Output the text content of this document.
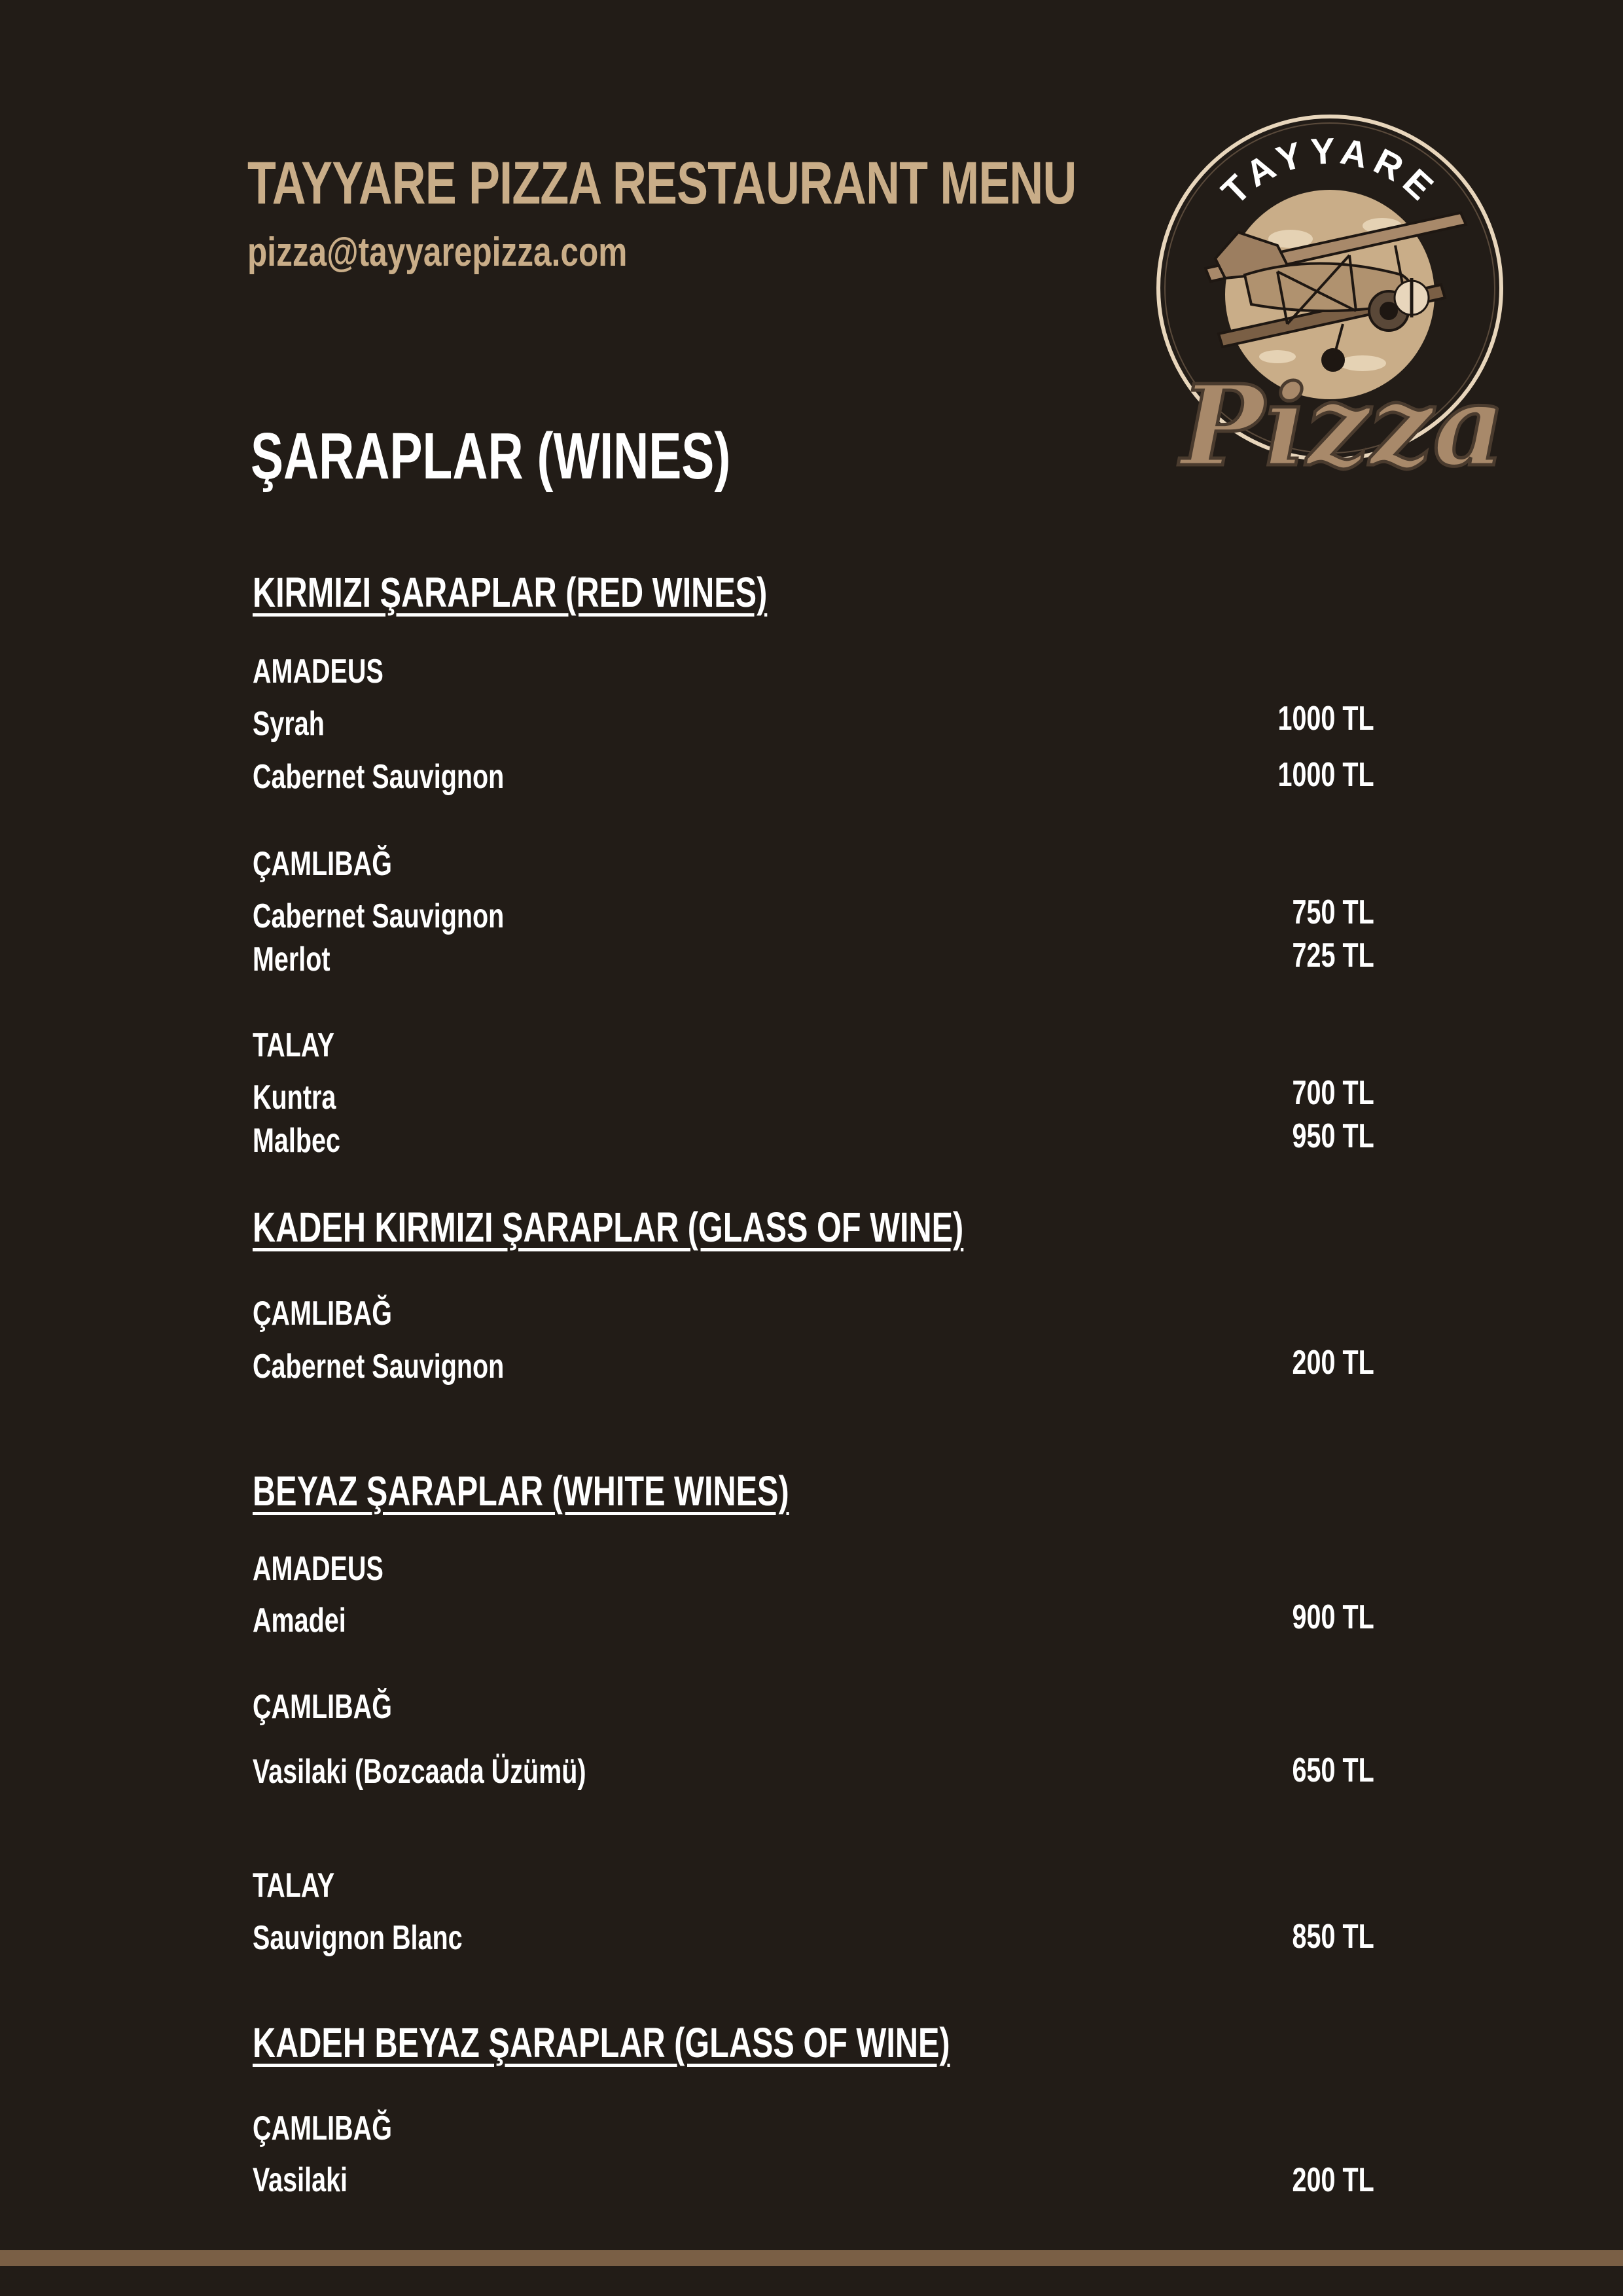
TAYYARE PIZZA RESTAURANT MENU
pizza@tayyarepizza.com
TAYYARE
Pizza
ŞARAPLAR (WINES)
KIRMIZI ŞARAPLAR (RED WINES)
AMADEUS
Syrah	1000 TL
Cabernet Sauvignon	1000 TL
ÇAMLIBAĞ
Cabernet Sauvignon	750 TL
Merlot	725 TL
TALAY
Kuntra	700 TL
Malbec	950 TL
KADEH KIRMIZI ŞARAPLAR (GLASS OF WINE)
ÇAMLIBAĞ
Cabernet Sauvignon	200 TL
BEYAZ ŞARAPLAR (WHITE WINES)
AMADEUS
Amadei	900 TL
ÇAMLIBAĞ
Vasilaki (Bozcaada Üzümü)	650 TL
TALAY
Sauvignon Blanc	850 TL
KADEH BEYAZ ŞARAPLAR (GLASS OF WINE)
ÇAMLIBAĞ
Vasilaki	200 TL
